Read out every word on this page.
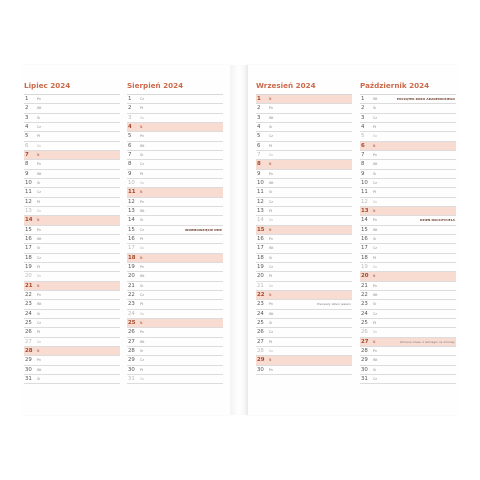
Lipiec 2024
1	Pn
2	Wt
3	Śr
4	Cz
5	Pt
6	So
7	N
8	Pn
9	Wt
10 Śr
11 Cz
12 Pt
13 So
14 N
15 Pn
16 Wt
17 Śr
18 Cz
19 Pt
20 So
21 N
22 Pn
23 Wt
24 Śr
25 Cz
26 Pt
27 So
28 N
29 Pn
30 Wt
31 Śr
Sierpień 2024
1	Cz
2	Pt
3	So
4	N
5	Pn
6	Wt
7	Śr
8	Cz
9	Pt
10 So
11 N
12 Pn
13 Wt
14 Śr
15 Cz	WNIEBOWZIĘCIE NMP
16 Pt
17 So
18 N
19 Pn
20 Wt
21 Śr
22 Cz
23 Pt
24 So
25 N
26 Pn
27 Wt
28 Śr
29 Cz
30 Pt
31 So
Wrzesień 2024
1	N
2	Pn
3	Wt
4	Śr
5	Cz
6	Pt
7	So
8	N
9	Pn
10 Wt
11 Śr
12 Cz
13 Pt
14 So
15 N
16 Pn
17 Wt
18 Śr
19 Cz
20 Pt
21 So
22 N
23 Pn	Pierwszy dzień jesieni
24 Wt
25 Śr
26 Cz
27 Pt
28 So
29 N
30 Pn
Październik 2024
1	Wt	POCZĄTEK ROKU AKADEMICKIEGO
2	Śr
3	Cz
4	Pt
5	So
6	N
7	Pn
8	Wt
9	Śr
10 Cz
11 Pt
12 So
13 N
14 Pn	DZIEŃ NAUCZYCIELA
15 Wt
16 Śr
17 Cz
18 Pt
19 So
20 N
21 Pn
22 Wt
23 Śr
24 Cz
25 Pt
26 So
27 N	Zmiana czasu z letniego na zimowy
28 Pn
29 Wt
30 Śr
31 Cz
